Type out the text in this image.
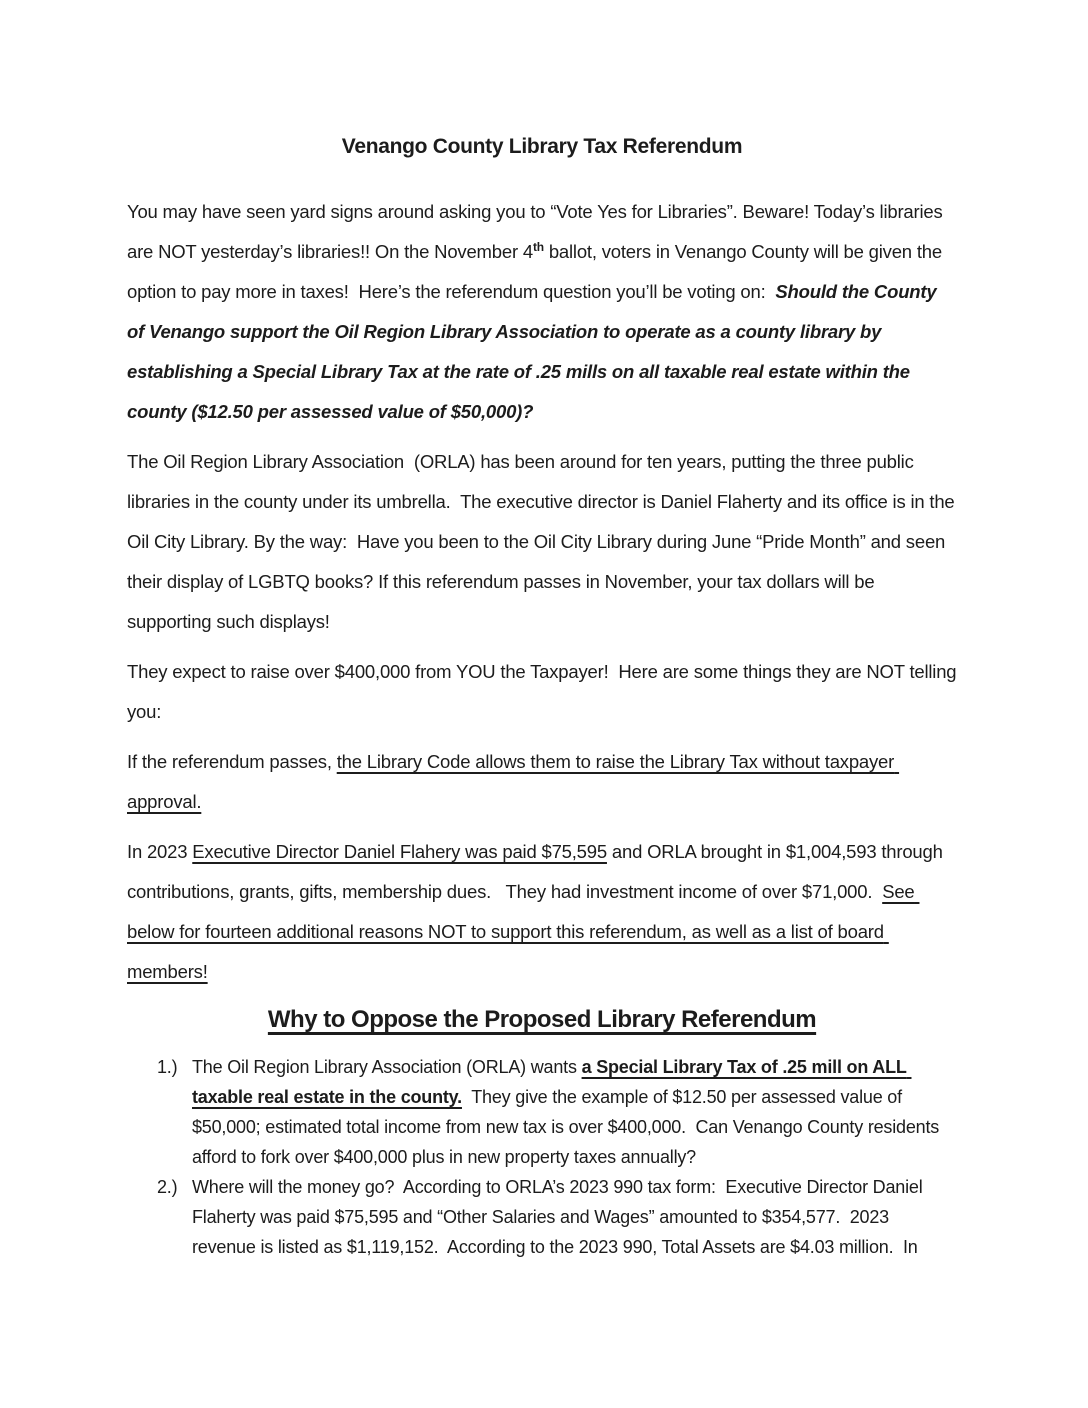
Venango County Library Tax Referendum

You may have seen yard signs around asking you to “Vote Yes for Libraries”. Beware! Today’s libraries are NOT yesterday’s libraries!! On the November 4th ballot, voters in Venango County will be given the option to pay more in taxes!  Here’s the referendum question you’ll be voting on:  Should the County of Venango support the Oil Region Library Association to operate as a county library by establishing a Special Library Tax at the rate of .25 mills on all taxable real estate within the county ($12.50 per assessed value of $50,000)?

The Oil Region Library Association  (ORLA) has been around for ten years, putting the three public libraries in the county under its umbrella.  The executive director is Daniel Flaherty and its office is in the Oil City Library. By the way:  Have you been to the Oil City Library during June “Pride Month” and seen their display of LGBTQ books? If this referendum passes in November, your tax dollars will be supporting such displays!

They expect to raise over $400,000 from YOU the Taxpayer!  Here are some things they are NOT telling you:

If the referendum passes, the Library Code allows them to raise the Library Tax without taxpayer approval.

In 2023 Executive Director Daniel Flahery was paid $75,595 and ORLA brought in $1,004,593 through contributions, grants, gifts, membership dues.   They had investment income of over $71,000.  See below for fourteen additional reasons NOT to support this referendum, as well as a list of board members!

Why to Oppose the Proposed Library Referendum
1.) The Oil Region Library Association (ORLA) wants a Special Library Tax of .25 mill on ALL taxable real estate in the county.  They give the example of $12.50 per assessed value of $50,000; estimated total income from new tax is over $400,000.  Can Venango County residents afford to fork over $400,000 plus in new property taxes annually?
2.) Where will the money go?  According to ORLA’s 2023 990 tax form:  Executive Director Daniel Flaherty was paid $75,595 and “Other Salaries and Wages” amounted to $354,577.  2023 revenue is listed as $1,119,152.  According to the 2023 990, Total Assets are $4.03 million.  In
